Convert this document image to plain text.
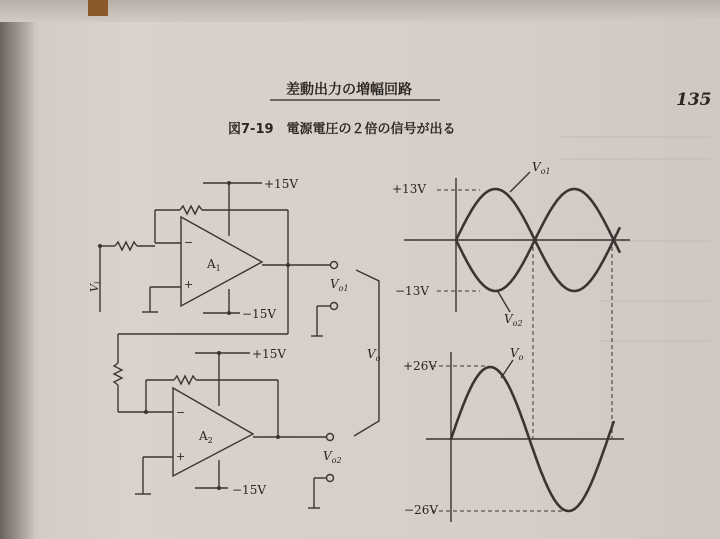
差動出力の増幅回路	135
図7-19　電源電圧の２倍の信号が出る
$A_1$
−
+
+15V
−15V
Vi	$V_{o1}$
$V_o$
$A_2$
−
+
+15V
−15V
$V_{o2}$
+13V
−13V
$V_{o1}$
$V_{o2}$
+26V
−26V
$V_o$
